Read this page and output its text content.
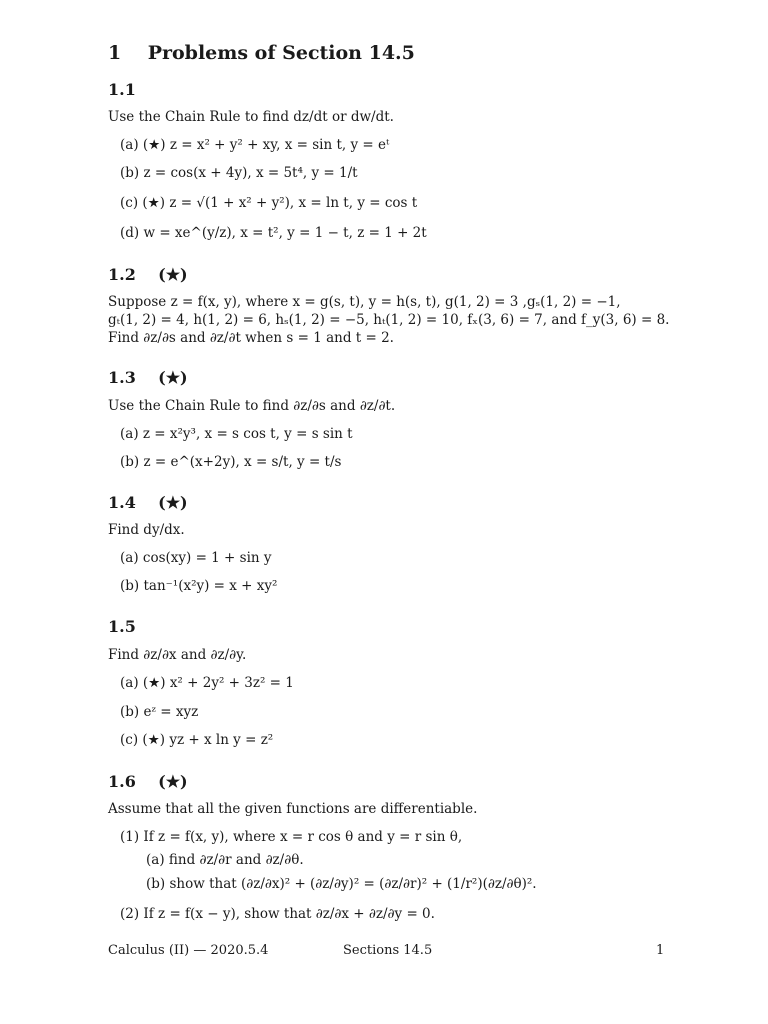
1 Problems of Section 14.5
1.1
Use the Chain Rule to find dz/dt or dw/dt.
(a) (★) z = x² + y² + xy, x = sin t, y = eᵗ
(b) z = cos(x + 4y), x = 5t⁴, y = 1/t
(c) (★) z = √(1 + x² + y²), x = ln t, y = cos t
(d) w = xe^(y/z), x = t², y = 1 − t, z = 1 + 2t
1.2 (★)
Suppose z = f(x, y), where x = g(s, t), y = h(s, t), g(1, 2) = 3 ,gₛ(1, 2) = −1,
gₜ(1, 2) = 4, h(1, 2) = 6, hₛ(1, 2) = −5, hₜ(1, 2) = 10, fₓ(3, 6) = 7, and f_y(3, 6) = 8.
Find ∂z/∂s and ∂z/∂t when s = 1 and t = 2.
1.3 (★)
Use the Chain Rule to find ∂z/∂s and ∂z/∂t.
(a) z = x²y³, x = s cos t, y = s sin t
(b) z = e^(x+2y), x = s/t, y = t/s
1.4 (★)
Find dy/dx.
(a) cos(xy) = 1 + sin y
(b) tan⁻¹(x²y) = x + xy²
1.5
Find ∂z/∂x and ∂z/∂y.
(a) (★) x² + 2y² + 3z² = 1
(b) eᶻ = xyz
(c) (★) yz + x ln y = z²
1.6 (★)
Assume that all the given functions are differentiable.
(1) If z = f(x, y), where x = r cos θ and y = r sin θ,
(a) find ∂z/∂r and ∂z/∂θ.
(b) show that (∂z/∂x)² + (∂z/∂y)² = (∂z/∂r)² + (1/r²)(∂z/∂θ)².
(2) If z = f(x − y), show that ∂z/∂x + ∂z/∂y = 0.
Calculus (II) — 2020.5.4	Sections 14.5	1
